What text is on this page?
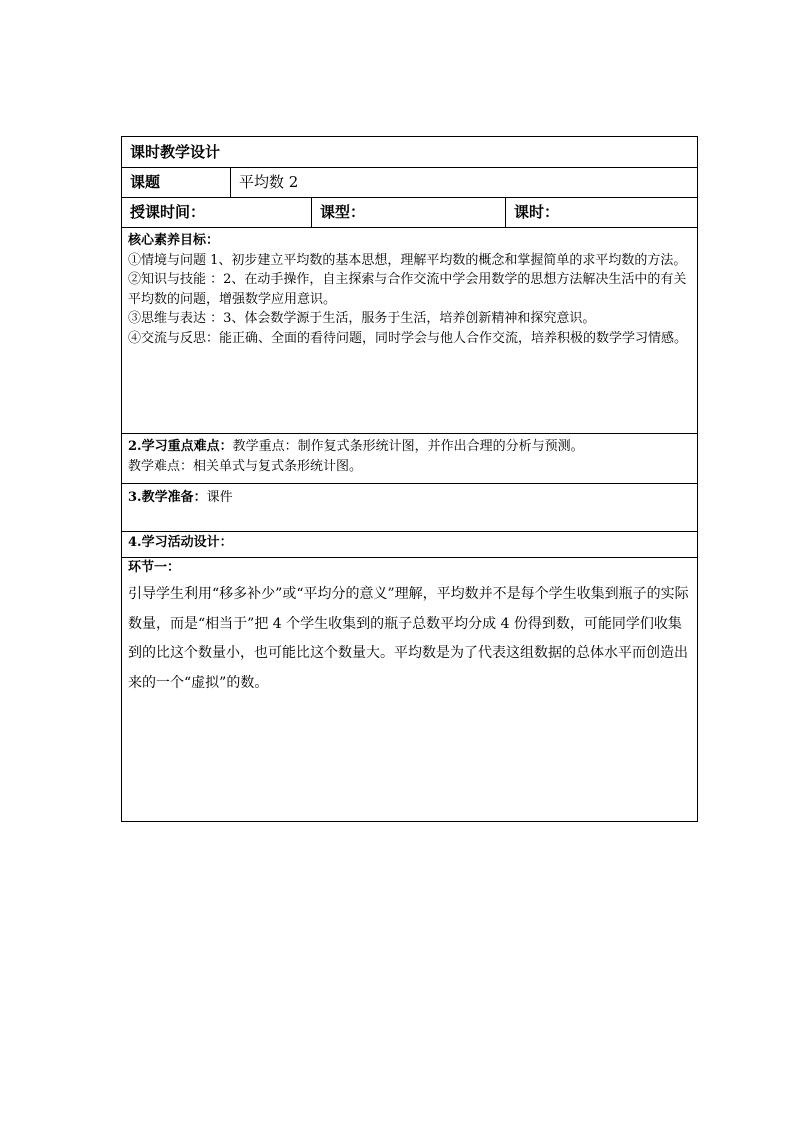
课时教学设计			
课题	平均数 2		
授课时间：		课型：	课时：

核心素养目标：
①情境与问题 1、初步建立平均数的基本思想，理解平均数的概念和掌握简单的求平均数的方法。
②知识与技能 ：2、在动手操作，自主探索与合作交流中学会用数学的思想方法解决生活中的有关平均数的问题，增强数学应用意识。
③思维与表达 ：3、体会数学源于生活，服务于生活，培养创新精神和探究意识。
④交流与反思：能正确、全面的看待问题，同时学会与他人合作交流，培养积极的数学学习情感。			

2.学习重点难点：教学重点：制作复式条形统计图，并作出合理的分析与预测。
教学难点：相关单式与复式条形统计图。			

3.教学准备：课件			
4.学习活动设计：			

环节一：
引导学生利用“移多补少”或“平均分的意义”理解，平均数并不是每个学生收集到瓶子的实际数量，而是“相当于”把 4 个学生收集到的瓶子总数平均分成 4 份得到数，可能同学们收集到的比这个数量小，也可能比这个数量大。平均数是为了代表这组数据的总体水平而创造出来的一个“虚拟”的数。			
